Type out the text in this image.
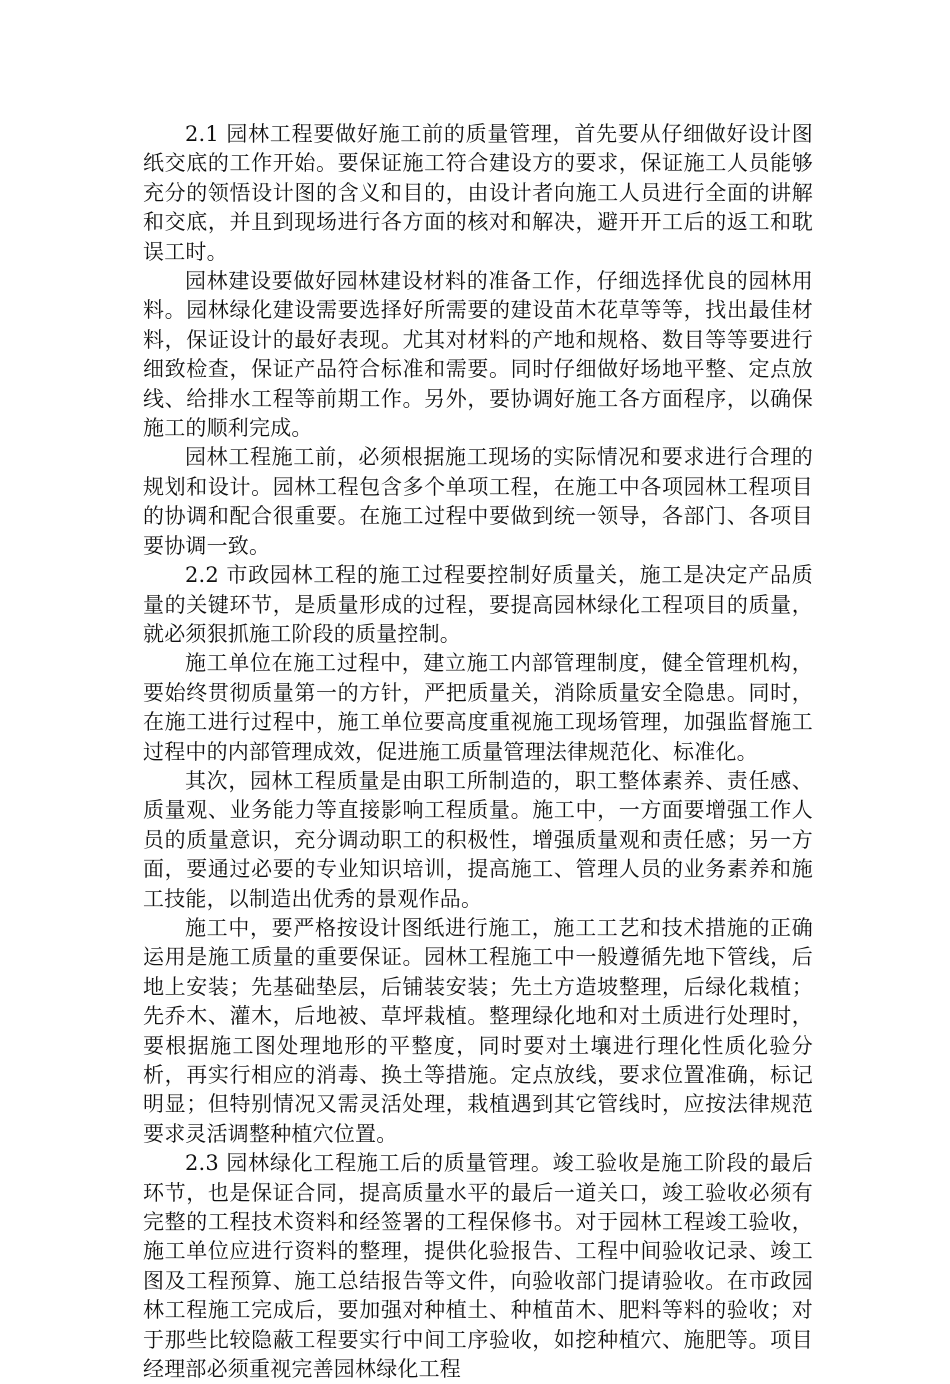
2.1 园林工程要做好施工前的质量管理，首先要从仔细做好设计图纸交底的工作开始。要保证施工符合建设方的要求，保证施工人员能够充分的领悟设计图的含义和目的，由设计者向施工人员进行全面的讲解和交底，并且到现场进行各方面的核对和解决，避开开工后的返工和耽误工时。

园林建设要做好园林建设材料的准备工作，仔细选择优良的园林用料。园林绿化建设需要选择好所需要的建设苗木花草等等，找出最佳材料，保证设计的最好表现。尤其对材料的产地和规格、数目等等要进行细致检查，保证产品符合标准和需要。同时仔细做好场地平整、定点放线、给排水工程等前期工作。另外，要协调好施工各方面程序，以确保施工的顺利完成。

园林工程施工前，必须根据施工现场的实际情况和要求进行合理的规划和设计。园林工程包含多个单项工程，在施工中各项园林工程项目的协调和配合很重要。在施工过程中要做到统一领导，各部门、各项目要协调一致。

2.2 市政园林工程的施工过程要控制好质量关，施工是决定产品质量的关键环节，是质量形成的过程，要提高园林绿化工程项目的质量，就必须狠抓施工阶段的质量控制。

施工单位在施工过程中，建立施工内部管理制度，健全管理机构，要始终贯彻质量第一的方针，严把质量关，消除质量安全隐患。同时，在施工进行过程中，施工单位要高度重视施工现场管理，加强监督施工过程中的内部管理成效，促进施工质量管理法律规范化、标准化。

其次，园林工程质量是由职工所制造的，职工整体素养、责任感、质量观、业务能力等直接影响工程质量。施工中，一方面要增强工作人员的质量意识，充分调动职工的积极性，增强质量观和责任感；另一方面，要通过必要的专业知识培训，提高施工、管理人员的业务素养和施工技能，以制造出优秀的景观作品。

施工中，要严格按设计图纸进行施工，施工工艺和技术措施的正确运用是施工质量的重要保证。园林工程施工中一般遵循先地下管线，后地上安装；先基础垫层，后铺装安装；先土方造坡整理，后绿化栽植；先乔木、灌木，后地被、草坪栽植。整理绿化地和对土质进行处理时，要根据施工图处理地形的平整度，同时要对土壤进行理化性质化验分析，再实行相应的消毒、换土等措施。定点放线，要求位置准确，标记明显；但特别情况又需灵活处理，栽植遇到其它管线时，应按法律规范要求灵活调整种植穴位置。

2.3 园林绿化工程施工后的质量管理。竣工验收是施工阶段的最后环节，也是保证合同，提高质量水平的最后一道关口，竣工验收必须有完整的工程技术资料和经签署的工程保修书。对于园林工程竣工验收，施工单位应进行资料的整理，提供化验报告、工程中间验收记录、竣工图及工程预算、施工总结报告等文件，向验收部门提请验收。在市政园林工程施工完成后，要加强对种植土、种植苗木、肥料等料的验收；对于那些比较隐蔽工程要实行中间工序验收，如挖种植穴、施肥等。项目经理部必须重视完善园林绿化工程
